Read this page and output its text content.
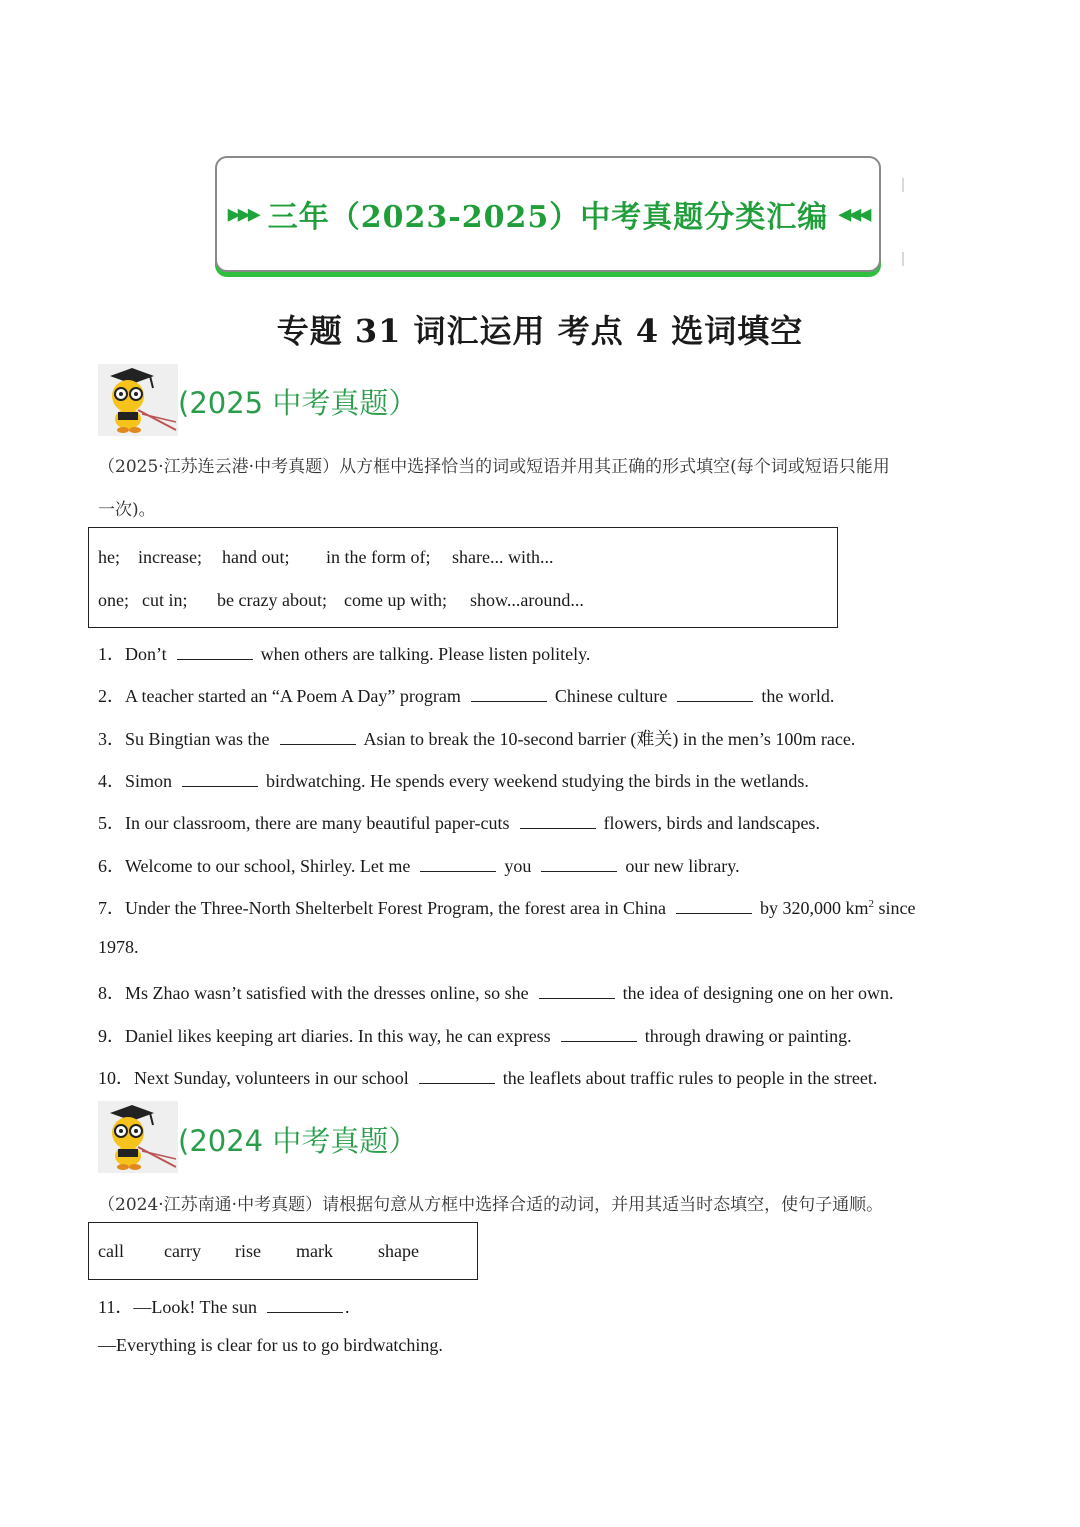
▸▸▸ 三年（2023-2025）中考真题分类汇编 ◂◂◂
专题 31 词汇运用 考点 4 选词填空
(2025 中考真题）
（2025·江苏连云港·中考真题）从方框中选择恰当的词或短语并用其正确的形式填空(每个词或短语只能用
一次)。
he; increase; hand out; in the form of; share... with...
one; cut in; be crazy about; come up with; show...around...
1．Don’t	when others are talking. Please listen politely.
2．A teacher started an “A Poem A Day” program	Chinese culture	the world.
3．Su Bingtian was the	Asian to break the 10-second barrier (难关) in the men’s 100m race.
4．Simon	birdwatching. He spends every weekend studying the birds in the wetlands.
5．In our classroom, there are many beautiful paper-cuts	flowers, birds and landscapes.
6．Welcome to our school, Shirley. Let me	you	our new library.
7．Under the Three-North Shelterbelt Forest Program, the forest area in China	by 320,000 $km^2$ since
1978.
8．Ms Zhao wasn’t satisfied with the dresses online, so she	the idea of designing one on her own.
9．Daniel likes keeping art diaries. In this way, he can express	through drawing or painting.
10．Next Sunday, volunteers in our school	the leaflets about traffic rules to people in the street.
(2024 中考真题）
（2024·江苏南通·中考真题）请根据句意从方框中选择合适的动词，并用其适当时态填空，使句子通顺。
call carry rise mark	shape
11．—Look! The sun	.
—Everything is clear for us to go birdwatching.
